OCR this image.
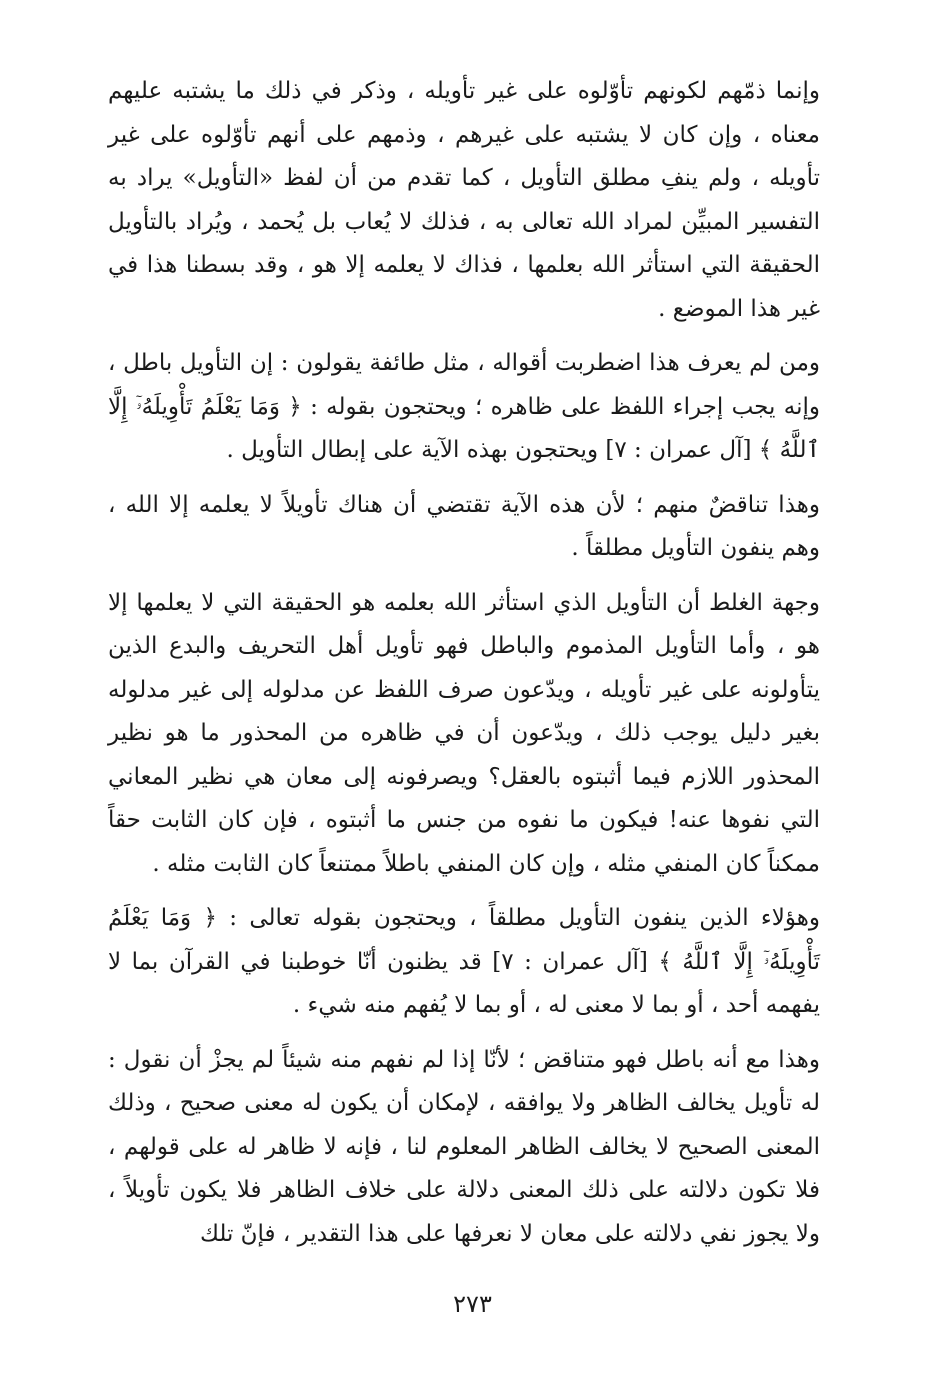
وإنما ذمّهم لكونهم تأوّلوه على غير تأويله ، وذكر في ذلك ما يشتبه عليهم معناه ، وإن كان لا يشتبه على غيرهم ، وذمهم على أنهم تأوّلوه على غير تأويله ، ولم ينفِ مطلق التأويل ، كما تقدم من أن لفظ «التأويل» يراد به التفسير المبيِّن لمراد الله تعالى به ، فذلك لا يُعاب بل يُحمد ، ويُراد بالتأويل الحقيقة التي استأثر الله بعلمها ، فذاك لا يعلمه إلا هو ، وقد بسطنا هذا في غير هذا الموضع .

ومن لم يعرف هذا اضطربت أقواله ، مثل طائفة يقولون : إن التأويل باطل ، وإنه يجب إجراء اللفظ على ظاهره ؛ ويحتجون بقوله : ﴿ وَمَا يَعْلَمُ تَأْوِيلَهُۥٓ إِلَّا ٱللَّهُ ﴾ [آل عمران : ٧] ويحتجون بهذه الآية على إبطال التأويل .

وهذا تناقضٌ منهم ؛ لأن هذه الآية تقتضي أن هناك تأويلاً لا يعلمه إلا الله ، وهم ينفون التأويل مطلقاً .

وجهة الغلط أن التأويل الذي استأثر الله بعلمه هو الحقيقة التي لا يعلمها إلا هو ، وأما التأويل المذموم والباطل فهو تأويل أهل التحريف والبدع الذين يتأولونه على غير تأويله ، ويدّعون صرف اللفظ عن مدلوله إلى غير مدلوله بغير دليل يوجب ذلك ، ويدّعون أن في ظاهره من المحذور ما هو نظير المحذور اللازم فيما أثبتوه بالعقل؟ ويصرفونه إلى معان هي نظير المعاني التي نفوها عنه! فيكون ما نفوه من جنس ما أثبتوه ، فإن كان الثابت حقاً ممكناً كان المنفي مثله ، وإن كان المنفي باطلاً ممتنعاً كان الثابت مثله .

وهؤلاء الذين ينفون التأويل مطلقاً ، ويحتجون بقوله تعالى : ﴿ وَمَا يَعْلَمُ تَأْوِيلَهُۥٓ إِلَّا ٱللَّهُ ﴾ [آل عمران : ٧] قد يظنون أنّا خوطبنا في القرآن بما لا يفهمه أحد ، أو بما لا معنى له ، أو بما لا يُفهم منه شيء .

وهذا مع أنه باطل فهو متناقض ؛ لأنّا إذا لم نفهم منه شيئاً لم يجزْ أن نقول : له تأويل يخالف الظاهر ولا يوافقه ، لإمكان أن يكون له معنى صحيح ، وذلك المعنى الصحيح لا يخالف الظاهر المعلوم لنا ، فإنه لا ظاهر له على قولهم ، فلا تكون دلالته على ذلك المعنى دلالة على خلاف الظاهر فلا يكون تأويلاً ، ولا يجوز نفي دلالته على معان لا نعرفها على هذا التقدير ، فإنّ تلك

٢٧٣
